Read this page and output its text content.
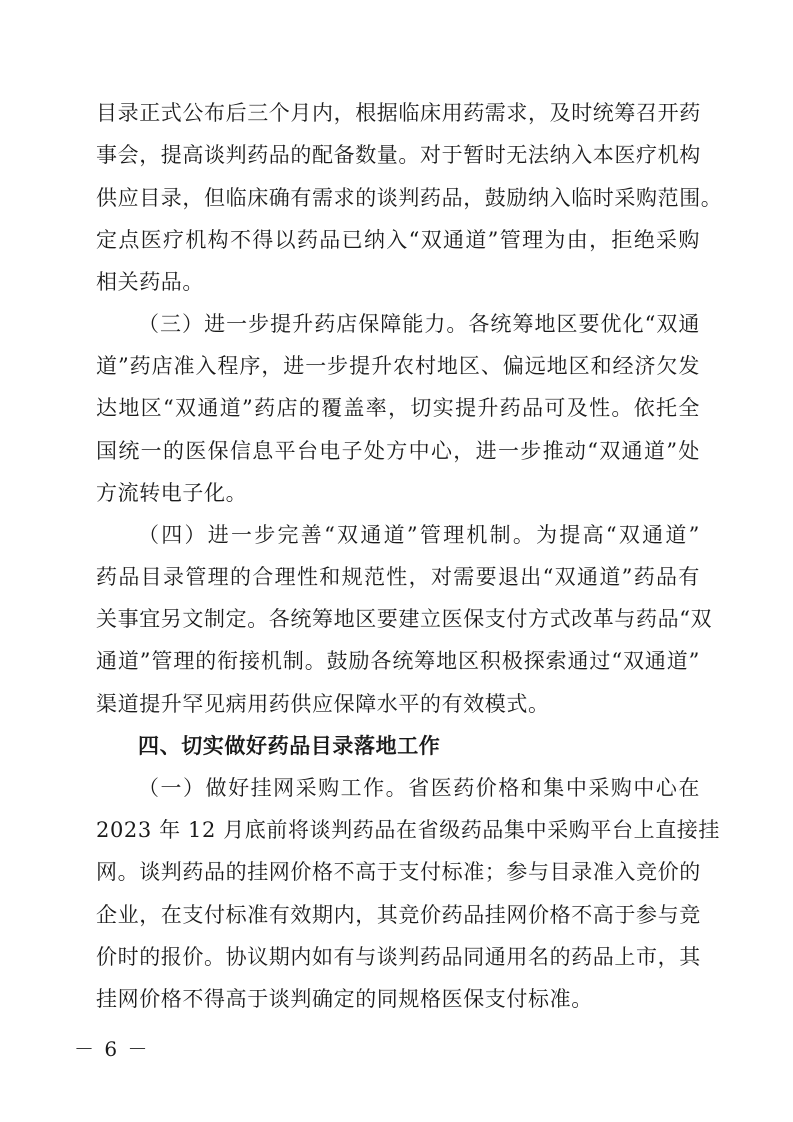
目录正式公布后三个月内，根据临床用药需求，及时统筹召开药
事会，提高谈判药品的配备数量。对于暂时无法纳入本医疗机构
供应目录，但临床确有需求的谈判药品，鼓励纳入临时采购范围。
定点医疗机构不得以药品已纳入“双通道”管理为由，拒绝采购
相关药品。
（三）进一步提升药店保障能力。各统筹地区要优化“双通
道”药店准入程序，进一步提升农村地区、偏远地区和经济欠发
达地区“双通道”药店的覆盖率，切实提升药品可及性。依托全
国统一的医保信息平台电子处方中心，进一步推动“双通道”处
方流转电子化。
（四）进一步完善“双通道”管理机制。为提高“双通道”
药品目录管理的合理性和规范性，对需要退出“双通道”药品有
关事宜另文制定。各统筹地区要建立医保支付方式改革与药品“双
通道”管理的衔接机制。鼓励各统筹地区积极探索通过“双通道”
渠道提升罕见病用药供应保障水平的有效模式。
四、切实做好药品目录落地工作
（一）做好挂网采购工作。省医药价格和集中采购中心在
2023 年 12 月底前将谈判药品在省级药品集中采购平台上直接挂
网。谈判药品的挂网价格不高于支付标准；参与目录准入竞价的
企业，在支付标准有效期内，其竞价药品挂网价格不高于参与竞
价时的报价。协议期内如有与谈判药品同通用名的药品上市，其
挂网价格不得高于谈判确定的同规格医保支付标准。
－ 6 －
